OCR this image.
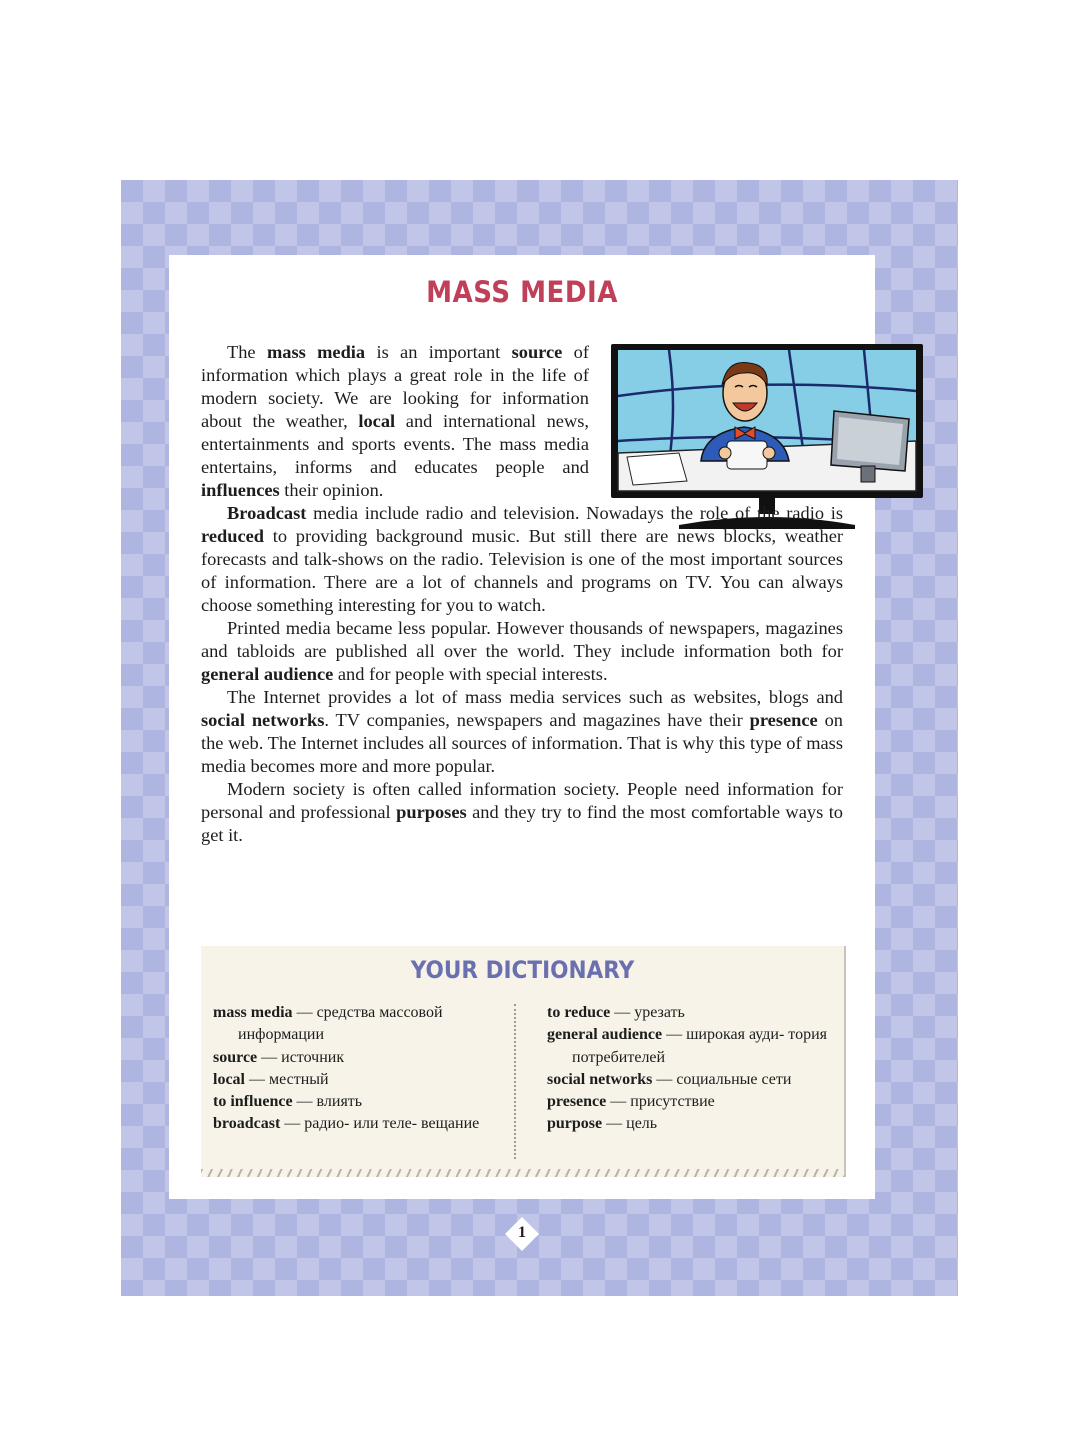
MASS MEDIA

The mass media is an important source of information which plays a great role in the life of modern society. We are looking for information about the weather, local and international news, entertainments and sports events. The mass media entertains, informs and educates people and influences their opinion.

Broadcast media include radio and television. Nowadays the role of the radio is reduced to providing background music. But still there are news blocks, weather forecasts and talk-shows on the radio. Television is one of the most important sources of information. There are a lot of channels and programs on TV. You can always choose something interesting for you to watch.

Printed media became less popular. However thousands of newspapers, magazines and tabloids are published all over the world. They include information both for general audience and for people with special interests.

The Internet provides a lot of mass media services such as websites, blogs and social networks. TV companies, newspapers and magazines have their presence on the web. The Internet includes all sources of information. That is why this type of mass media becomes more and more popular.

Modern society is often called information society. People need information for personal and professional purposes and they try to find the most comfortable ways to get it.

YOUR DICTIONARY
mass media — средства массовой информации
source — источник
local — местный
to influence — влиять
broadcast — радио- или теле- вещание
to reduce — урезать
general audience — широкая ауди- тория потребителей
social networks — социальные сети
presence — присутствие
purpose — цель
1
